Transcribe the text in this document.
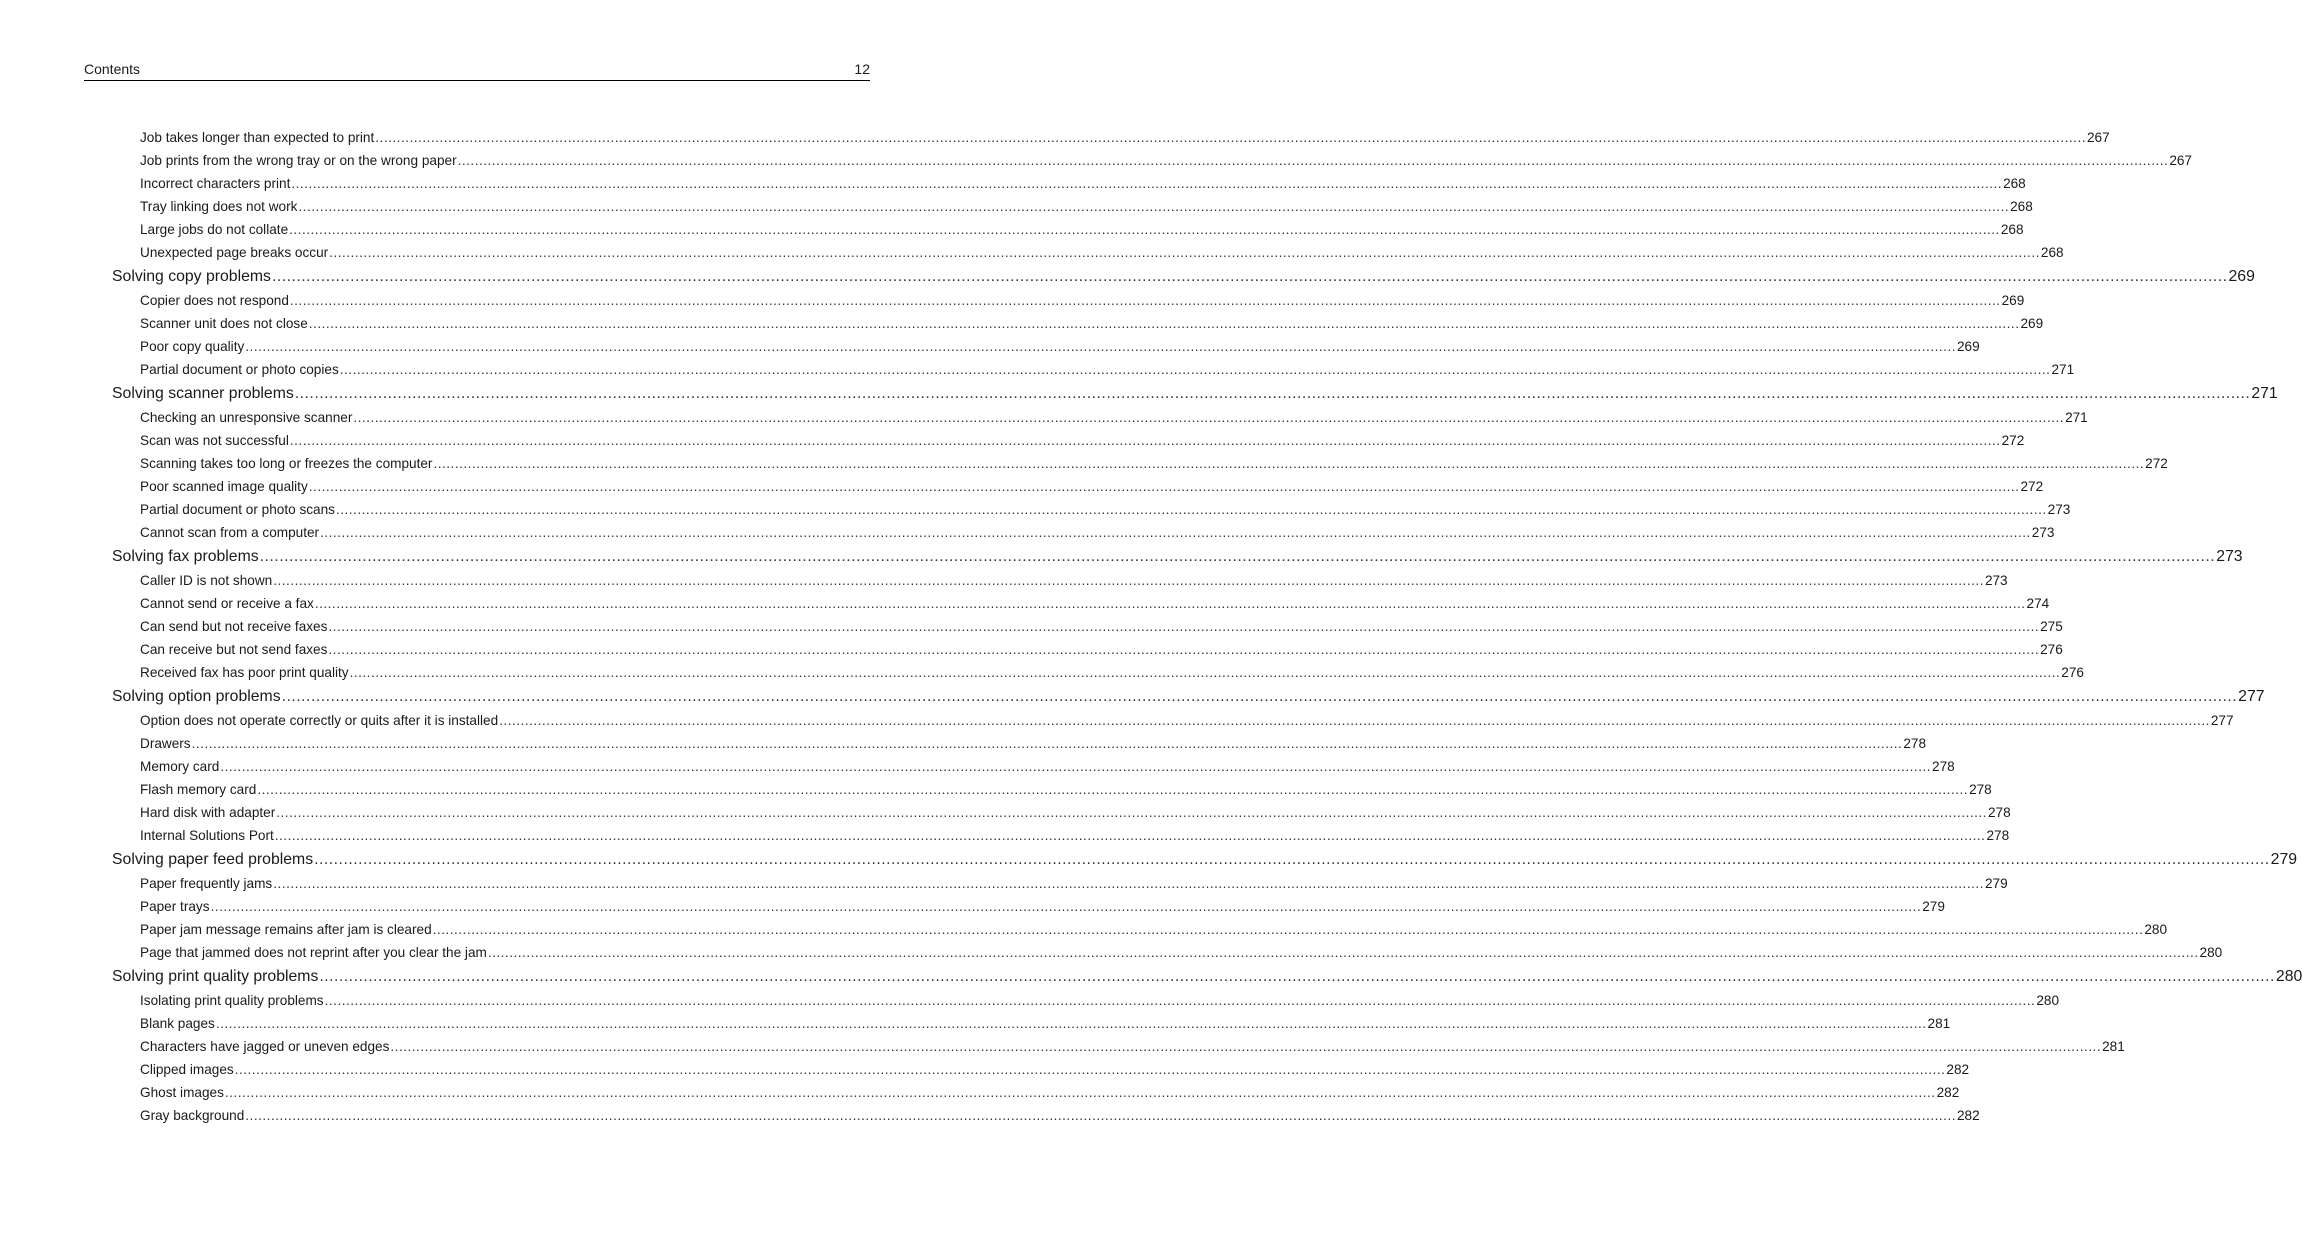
Contents	12
Job takes longer than expected to print ................................................................................................................................................................................................................................................................................................................................................................................................................ 267
Job prints from the wrong tray or on the wrong paper ................................................................................................................................................................................................................................................................................................................................................................................................................ 267
Incorrect characters print ................................................................................................................................................................................................................................................................................................................................................................................................................ 268
Tray linking does not work ................................................................................................................................................................................................................................................................................................................................................................................................................ 268
Large jobs do not collate ................................................................................................................................................................................................................................................................................................................................................................................................................ 268
Unexpected page breaks occur ................................................................................................................................................................................................................................................................................................................................................................................................................ 268
Solving copy problems ................................................................................................................................................................................................................................................................................................................................................................................................................ 269
Copier does not respond ................................................................................................................................................................................................................................................................................................................................................................................................................ 269
Scanner unit does not close ................................................................................................................................................................................................................................................................................................................................................................................................................ 269
Poor copy quality ................................................................................................................................................................................................................................................................................................................................................................................................................ 269
Partial document or photo copies ................................................................................................................................................................................................................................................................................................................................................................................................................ 271
Solving scanner problems ................................................................................................................................................................................................................................................................................................................................................................................................................ 271
Checking an unresponsive scanner ................................................................................................................................................................................................................................................................................................................................................................................................................ 271
Scan was not successful ................................................................................................................................................................................................................................................................................................................................................................................................................ 272
Scanning takes too long or freezes the computer ................................................................................................................................................................................................................................................................................................................................................................................................................ 272
Poor scanned image quality ................................................................................................................................................................................................................................................................................................................................................................................................................ 272
Partial document or photo scans ................................................................................................................................................................................................................................................................................................................................................................................................................ 273
Cannot scan from a computer ................................................................................................................................................................................................................................................................................................................................................................................................................ 273
Solving fax problems ................................................................................................................................................................................................................................................................................................................................................................................................................ 273
Caller ID is not shown ................................................................................................................................................................................................................................................................................................................................................................................................................ 273
Cannot send or receive a fax ................................................................................................................................................................................................................................................................................................................................................................................................................ 274
Can send but not receive faxes ................................................................................................................................................................................................................................................................................................................................................................................................................ 275
Can receive but not send faxes ................................................................................................................................................................................................................................................................................................................................................................................................................ 276
Received fax has poor print quality ................................................................................................................................................................................................................................................................................................................................................................................................................ 276
Solving option problems ................................................................................................................................................................................................................................................................................................................................................................................................................ 277
Option does not operate correctly or quits after it is installed ................................................................................................................................................................................................................................................................................................................................................................................................................ 277
Drawers ................................................................................................................................................................................................................................................................................................................................................................................................................ 278
Memory card ................................................................................................................................................................................................................................................................................................................................................................................................................ 278
Flash memory card ................................................................................................................................................................................................................................................................................................................................................................................................................ 278
Hard disk with adapter ................................................................................................................................................................................................................................................................................................................................................................................................................ 278
Internal Solutions Port ................................................................................................................................................................................................................................................................................................................................................................................................................ 278
Solving paper feed problems ................................................................................................................................................................................................................................................................................................................................................................................................................ 279
Paper frequently jams ................................................................................................................................................................................................................................................................................................................................................................................................................ 279
Paper trays ................................................................................................................................................................................................................................................................................................................................................................................................................ 279
Paper jam message remains after jam is cleared ................................................................................................................................................................................................................................................................................................................................................................................................................ 280
Page that jammed does not reprint after you clear the jam ................................................................................................................................................................................................................................................................................................................................................................................................................ 280
Solving print quality problems ................................................................................................................................................................................................................................................................................................................................................................................................................ 280
Isolating print quality problems ................................................................................................................................................................................................................................................................................................................................................................................................................ 280
Blank pages ................................................................................................................................................................................................................................................................................................................................................................................................................ 281
Characters have jagged or uneven edges ................................................................................................................................................................................................................................................................................................................................................................................................................ 281
Clipped images ................................................................................................................................................................................................................................................................................................................................................................................................................ 282
Ghost images ................................................................................................................................................................................................................................................................................................................................................................................................................ 282
Gray background ................................................................................................................................................................................................................................................................................................................................................................................................................ 282
